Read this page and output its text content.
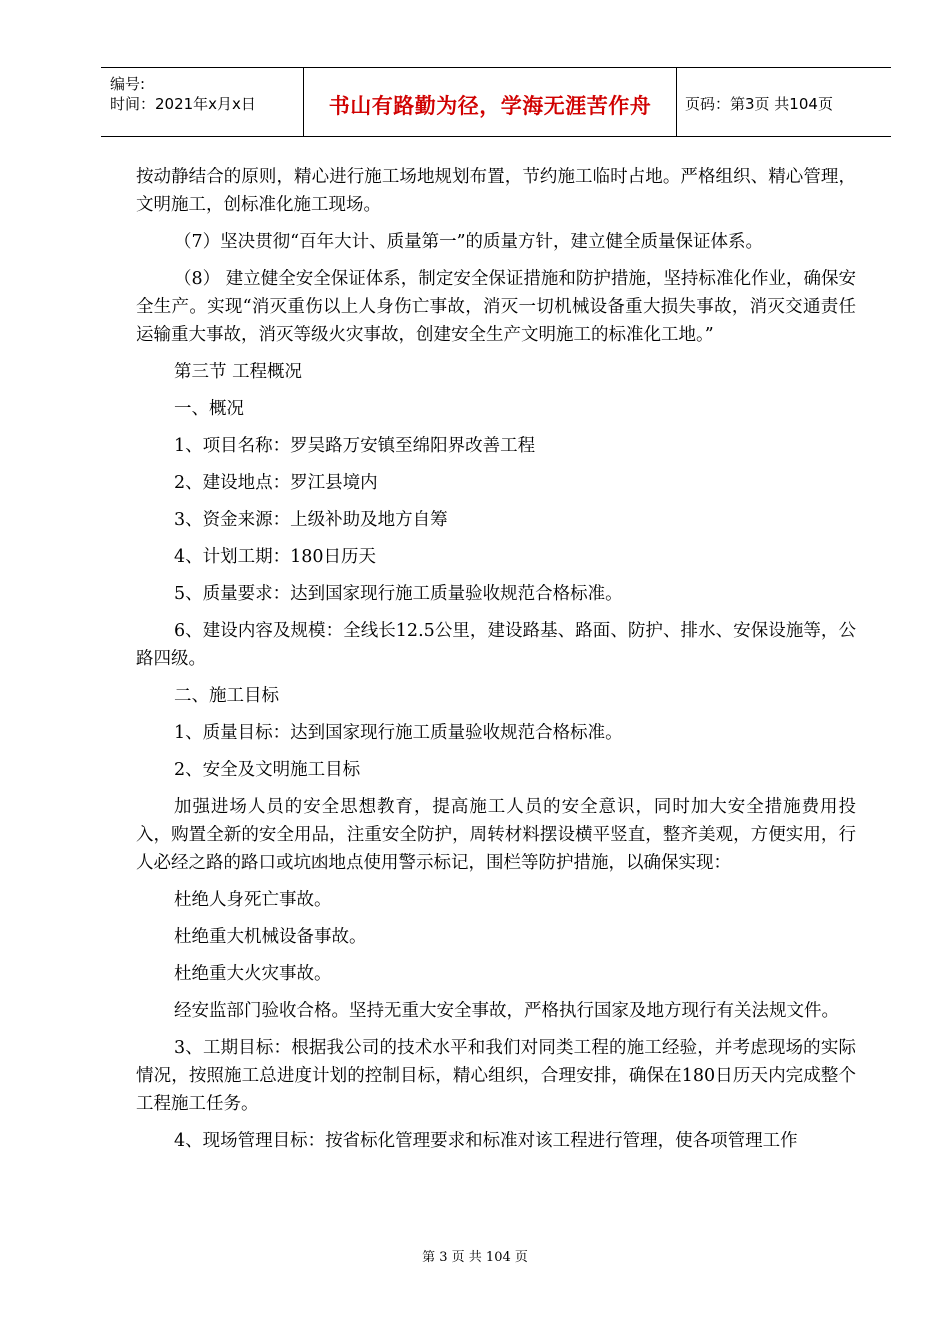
编号:
时间：2021年x月x日	书山有路勤为径，学海无涯苦作舟	页码：第3页 共104页

按动静结合的原则，精心进行施工场地规划布置，节约施工临时占地。严格组织、精心管理，文明施工，创标准化施工现场。

（7）坚决贯彻“百年大计、质量第一”的质量方针，建立健全质量保证体系。

（8） 建立健全安全保证体系，制定安全保证措施和防护措施，坚持标准化作业，确保安全生产。实现“消灭重伤以上人身伤亡事故，消灭一切机械设备重大损失事故，消灭交通责任运输重大事故，消灭等级火灾事故，创建安全生产文明施工的标准化工地。”

第三节 工程概况

一、概况

1、项目名称：罗吴路万安镇至绵阳界改善工程

2、建设地点：罗江县境内

3、资金来源：上级补助及地方自筹

4、计划工期：180日历天

5、质量要求：达到国家现行施工质量验收规范合格标准。

6、建设内容及规模：全线长12.5公里，建设路基、路面、防护、排水、安保设施等，公路四级。

二、施工目标

1、质量目标：达到国家现行施工质量验收规范合格标准。

2、安全及文明施工目标

加强进场人员的安全思想教育，提高施工人员的安全意识，同时加大安全措施费用投入，购置全新的安全用品，注重安全防护，周转材料摆设横平竖直，整齐美观，方便实用，行人必经之路的路口或坑凼地点使用警示标记，围栏等防护措施，以确保实现：

杜绝人身死亡事故。

杜绝重大机械设备事故。

杜绝重大火灾事故。

经安监部门验收合格。坚持无重大安全事故，严格执行国家及地方现行有关法规文件。

3、工期目标：根据我公司的技术水平和我们对同类工程的施工经验，并考虑现场的实际情况，按照施工总进度计划的控制目标，精心组织，合理安排，确保在180日历天内完成整个工程施工任务。

4、现场管理目标：按省标化管理要求和标准对该工程进行管理，使各项管理工作

第 3 页 共 104 页
